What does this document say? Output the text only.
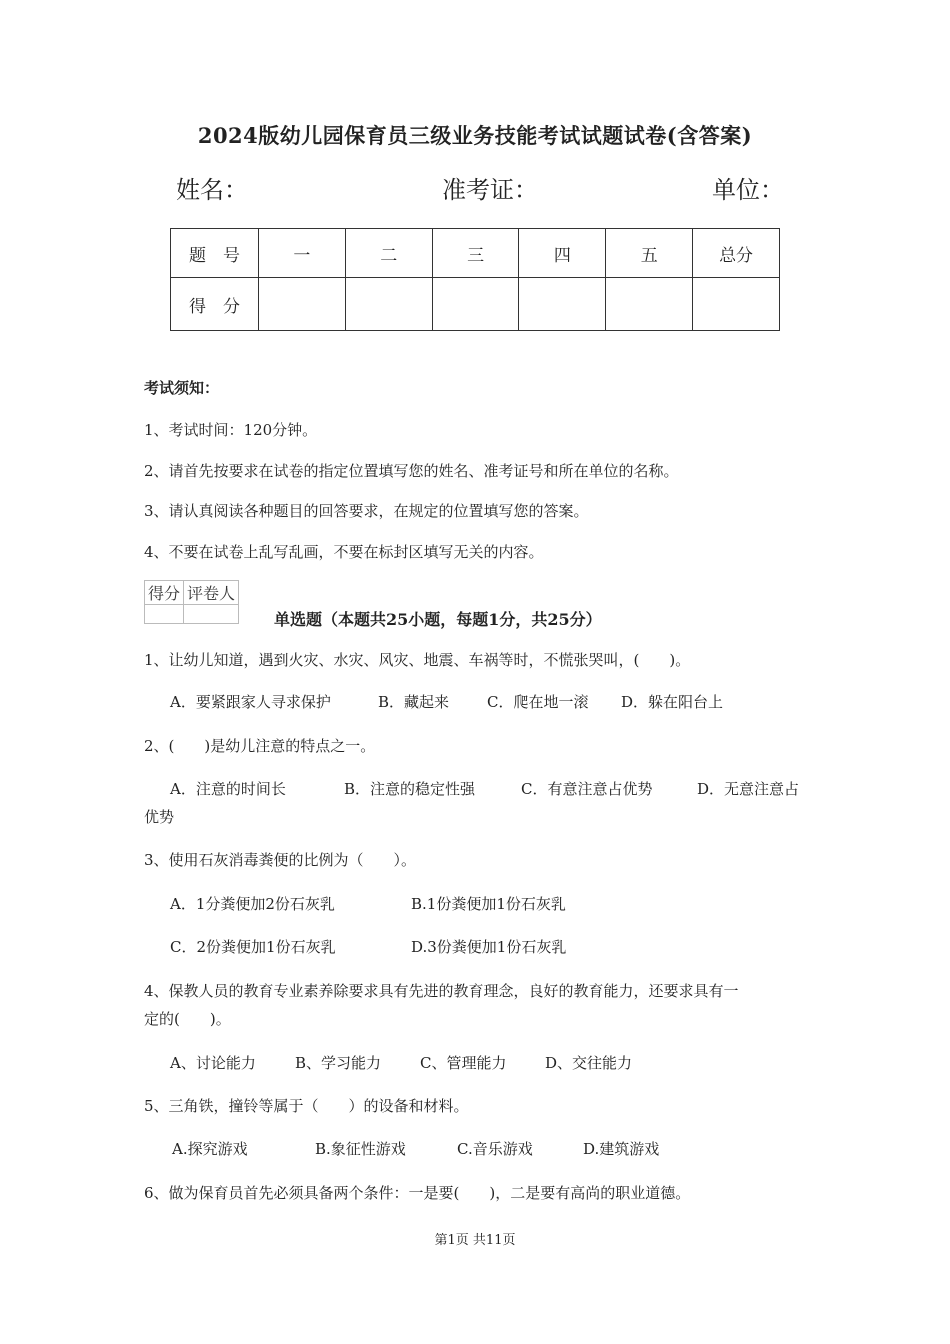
2024版幼儿园保育员三级业务技能考试试题试卷(含答案)
姓名：	准考证：	单位：
题　号	一	二	三	四	五	总分
得　分						
考试须知：
1、考试时间：120分钟。
2、请首先按要求在试卷的指定位置填写您的姓名、准考证号和所在单位的名称。
3、请认真阅读各种题目的回答要求，在规定的位置填写您的答案。
4、不要在试卷上乱写乱画，不要在标封区填写无关的内容。
得分	评卷人

单选题（本题共25小题，每题1分，共25分）
1、让幼儿知道，遇到火灾、水灾、风灾、地震、车祸等时，不慌张哭叫，(　　)。
A．要紧跟家人寻求保护	B．藏起来	C．爬在地一滚 D．躲在阳台上
2、(　　)是幼儿注意的特点之一。
A．注意的时间长	B．注意的稳定性强	C．有意注意占优势	D．无意注意占
优势
3、使用石灰消毒粪便的比例为（　　）。
A．1分粪便加2份石灰乳	B.1份粪便加1份石灰乳
C．2份粪便加1份石灰乳	D.3份粪便加1份石灰乳
4、保教人员的教育专业素养除要求具有先进的教育理念，良好的教育能力，还要求具有一
定的(　　)。
A、讨论能力	B、学习能力	C、管理能力	D、交往能力
5、三角铁，撞铃等属于（　　）的设备和材料。
A.探究游戏	B.象征性游戏	C.音乐游戏	D.建筑游戏
6、做为保育员首先必须具备两个条件：一是要(　　)，二是要有高尚的职业道德。
第1页 共11页
